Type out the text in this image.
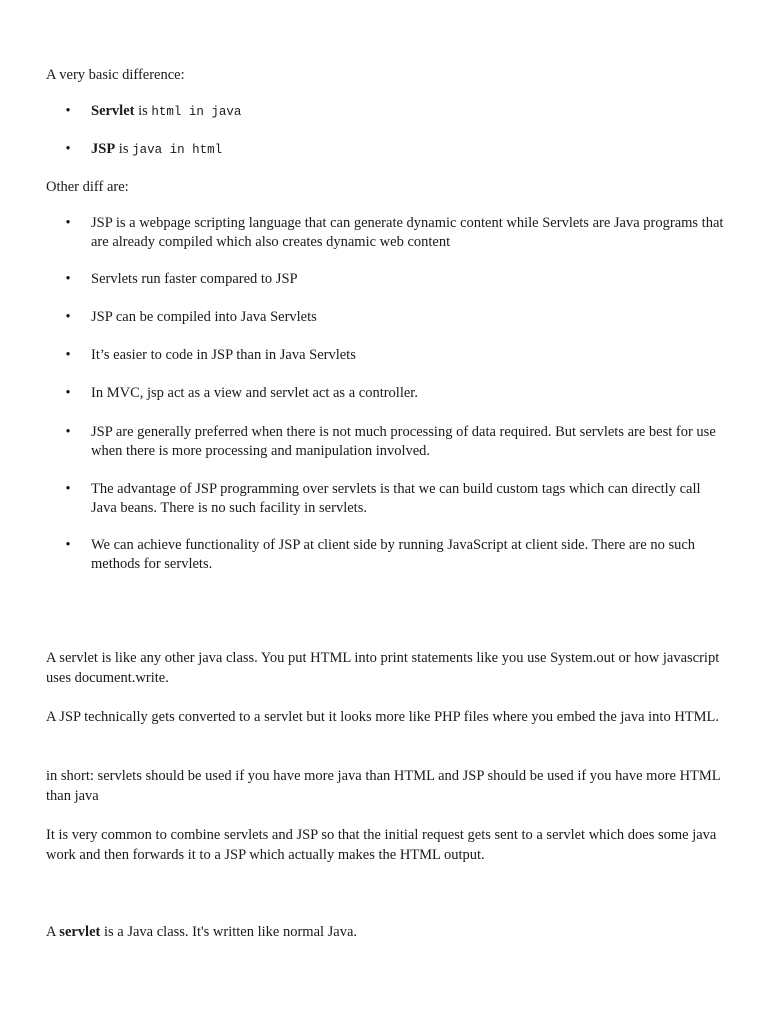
A very basic difference:

• Servlet is html in java
• JSP is java in html

Other diff are:

• JSP is a webpage scripting language that can generate dynamic content while Servlets are Java programs that are already compiled which also creates dynamic web content
• Servlets run faster compared to JSP
• JSP can be compiled into Java Servlets
• It’s easier to code in JSP than in Java Servlets
• In MVC, jsp act as a view and servlet act as a controller.
• JSP are generally preferred when there is not much processing of data required. But servlets are best for use when there is more processing and manipulation involved.
• The advantage of JSP programming over servlets is that we can build custom tags which can directly call Java beans. There is no such facility in servlets.
• We can achieve functionality of JSP at client side by running JavaScript at client side. There are no such methods for servlets.

A servlet is like any other java class. You put HTML into print statements like you use System.out or how javascript uses document.write.

A JSP technically gets converted to a servlet but it looks more like PHP files where you embed the java into HTML.

in short: servlets should be used if you have more java than HTML and JSP should be used if you have more HTML than java

It is very common to combine servlets and JSP so that the initial request gets sent to a servlet which does some java work and then forwards it to a JSP which actually makes the HTML output.

A servlet is a Java class. It's written like normal Java.
